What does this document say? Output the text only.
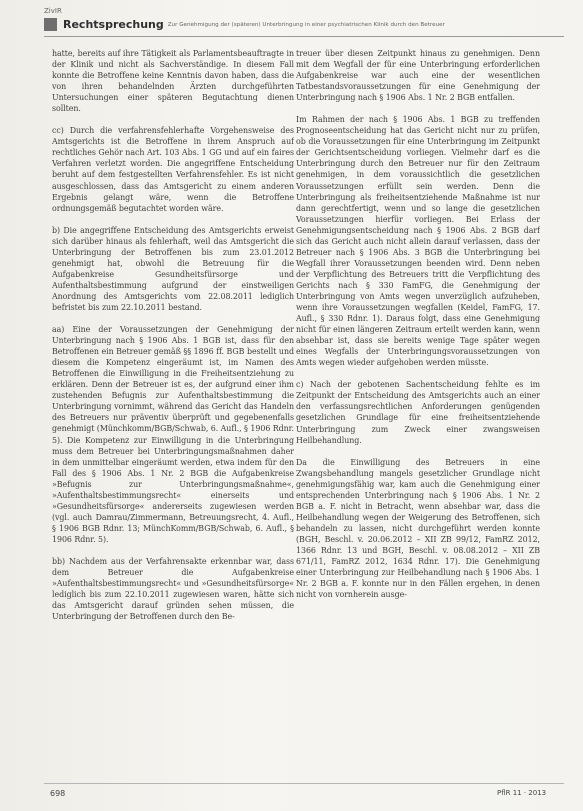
ZivIR
Rechtsprechung Zur Genehmigung der (späteren) Unterbringung in einer psychiatrischen Klinik durch den Betreuer

hatte, bereits auf ihre Tätigkeit als Parlamentsbeauftragte in der Klinik und nicht als Sachverständige. In diesem Fall konnte die Betroffene keine Kenntnis davon haben, dass die von ihren behandelnden Ärzten durchgeführten Untersuchungen einer späteren Begutachtung dienen sollten.

cc) Durch die verfahrensfehlerhafte Vorgehensweise des Amtsgerichts ist die Betroffene in ihrem Anspruch auf rechtliches Gehör nach Art. 103 Abs. 1 GG und auf ein faires Verfahren verletzt worden. Die angegriffene Entscheidung beruht auf dem festgestellten Verfahrensfehler. Es ist nicht ausgeschlossen, dass das Amtsgericht zu einem anderen Ergebnis gelangt wäre, wenn die Betroffene ordnungsgemäß begutachtet worden wäre.

b) Die angegriffene Entscheidung des Amtsgerichts erweist sich darüber hinaus als fehlerhaft, weil das Amtsgericht die Unterbringung der Betroffenen bis zum 23.01.2012 genehmigt hat, obwohl die Betreuung für die Aufgabenkreise Gesundheitsfürsorge und Aufenthaltsbestimmung aufgrund der einstweiligen Anordnung des Amtsgerichts vom 22.08.2011 lediglich befristet bis zum 22.10.2011 bestand.

aa) Eine der Voraussetzungen der Genehmigung der Unterbringung nach § 1906 Abs. 1 BGB ist, dass für den Betroffenen ein Betreuer gemäß §§ 1896 ff. BGB bestellt und diesem die Kompetenz eingeräumt ist, im Namen des Betroffenen die Einwilligung in die Freiheitsentziehung zu erklären. Denn der Betreuer ist es, der aufgrund einer ihm zustehenden Befugnis zur Aufenthaltsbestimmung die Unterbringung vornimmt, während das Gericht das Handeln des Betreuers nur präventiv überprüft und gegebenenfalls genehmigt (Münchkomm/BGB/Schwab, 6. Aufl., § 1906 Rdnr. 5). Die Kompetenz zur Einwilligung in die Unterbringung muss dem Betreuer bei Unterbringungsmaßnahmen daher in dem unmittelbar eingeräumt werden, etwa indem für den Fall des § 1906 Abs. 1 Nr. 2 BGB die Aufgabenkreise »Befugnis zur Unterbringungsmaßnahme«, »Aufenthaltsbestimmungsrecht« einerseits und »Gesundheitsfürsorge« andererseits zugewiesen werden (vgl. auch Damrau/Zimmermann, Betreuungsrecht, 4. Aufl., § 1906 BGB Rdnr. 13; MünchKomm/BGB/Schwab, 6. Aufl., § 1906 Rdnr. 5).

bb) Nachdem aus der Verfahrensakte erkennbar war, dass dem Betreuer die Aufgabenkreise »Aufenthaltsbestimmungsrecht« und »Gesundheitsfürsorge« lediglich bis zum 22.10.2011 zugewiesen waren, hätte sich das Amtsgericht darauf gründen sehen müssen, die Unterbringung der Betroffenen durch den Be-

treuer über diesen Zeitpunkt hinaus zu genehmigen. Denn mit dem Wegfall der für eine Unterbringung erforderlichen Aufgabenkreise war auch eine der wesentlichen Tatbestandsvoraussetzungen für eine Genehmigung der Unterbringung nach § 1906 Abs. 1 Nr. 2 BGB entfallen.

Im Rahmen der nach § 1906 Abs. 1 BGB zu treffenden Prognoseentscheidung hat das Gericht nicht nur zu prüfen, ob die Voraussetzungen für eine Unterbringung im Zeitpunkt der Gerichtsentscheidung vorliegen. Vielmehr darf es die Unterbringung durch den Betreuer nur für den Zeitraum genehmigen, in dem voraussichtlich die gesetzlichen Voraussetzungen erfüllt sein werden. Denn die Unterbringung als freiheitsentziehende Maßnahme ist nur dann gerechtfertigt, wenn und so lange die gesetzlichen Voraussetzungen hierfür vorliegen. Bei Erlass der Genehmigungsentscheidung nach § 1906 Abs. 2 BGB darf sich das Gericht auch nicht allein darauf verlassen, dass der Betreuer nach § 1906 Abs. 3 BGB die Unterbringung bei Wegfall ihrer Voraussetzungen beenden wird. Denn neben der Verpflichtung des Betreuers tritt die Verpflichtung des Gerichts nach § 330 FamFG, die Genehmigung der Unterbringung von Amts wegen unverzüglich aufzuheben, wenn ihre Voraussetzungen wegfallen (Keidel, FamFG, 17. Aufl., § 330 Rdnr. 1). Daraus folgt, dass eine Genehmigung nicht für einen längeren Zeitraum erteilt werden kann, wenn absehbar ist, dass sie bereits wenige Tage später wegen eines Wegfalls der Unterbringungsvoraussetzungen von Amts wegen wieder aufgehoben werden müsste.

c) Nach der gebotenen Sachentscheidung fehlte es im Zeitpunkt der Entscheidung des Amtsgerichts auch an einer den verfassungsrechtlichen Anforderungen genügenden gesetzlichen Grundlage für eine freiheitsentziehende Unterbringung zum Zweck einer zwangsweisen Heilbehandlung.

Da die Einwilligung des Betreuers in eine Zwangsbehandlung mangels gesetzlicher Grundlage nicht genehmigungsfähig war, kam auch die Genehmigung einer entsprechenden Unterbringung nach § 1906 Abs. 1 Nr. 2 BGB a. F. nicht in Betracht, wenn absehbar war, dass die Heilbehandlung wegen der Weigerung des Betroffenen, sich behandeln zu lassen, nicht durchgeführt werden konnte (BGH, Beschl. v. 20.06.2012 – XII ZB 99/12, FamRZ 2012, 1366 Rdnr. 13 und BGH, Beschl. v. 08.08.2012 – XII ZB 671/11, FamRZ 2012, 1634 Rdnr. 17). Die Genehmigung einer Unterbringung zur Heilbehandlung nach § 1906 Abs. 1 Nr. 2 BGB a. F. konnte nur in den Fällen ergehen, in denen nicht von vornherein ausge-

698	PflR 11 · 2013
